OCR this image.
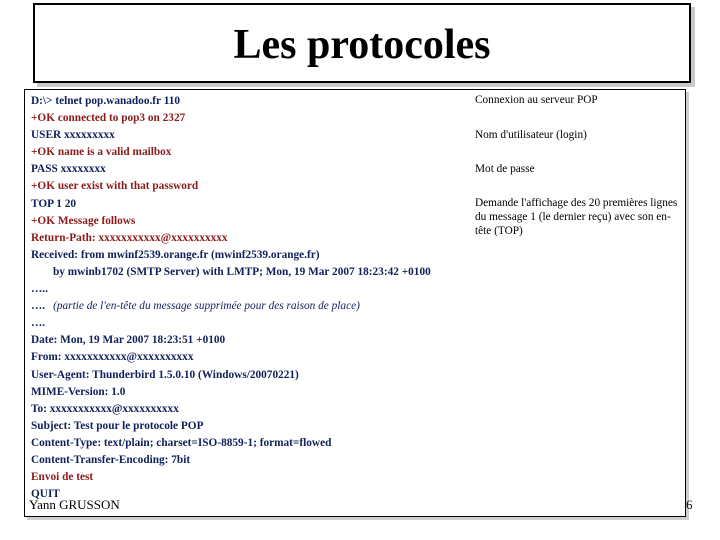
Les protocoles
D:\> telnet pop.wanadoo.fr 110
+OK connected to pop3 on 2327
USER xxxxxxxxx
+OK name is a valid mailbox
PASS xxxxxxxx
+OK user exist with that password
TOP 1 20
+OK Message follows
Return-Path: xxxxxxxxxxx@xxxxxxxxxx
Received: from mwinf2539.orange.fr (mwinf2539.orange.fr)
by mwinb1702 (SMTP Server) with LMTP; Mon, 19 Mar 2007 18:23:42 +0100
…..
…. (partie de l'en-tête du message supprimée pour des raison de place)
….
Date: Mon, 19 Mar 2007 18:23:51 +0100
From: xxxxxxxxxxx@xxxxxxxxxx
User-Agent: Thunderbird 1.5.0.10 (Windows/20070221)
MIME-Version: 1.0
To: xxxxxxxxxxx@xxxxxxxxxx
Subject: Test pour le protocole POP
Content-Type: text/plain; charset=ISO-8859-1; format=flowed
Content-Transfer-Encoding: 7bit
Envoi de test
QUIT
Connexion au serveur POP
Nom d'utilisateur (login)
Mot de passe
Demande l'affichage des 20 premières lignes du message 1 (le dernier reçu) avec son en-tête (TOP)
Yann GRUSSON	6
